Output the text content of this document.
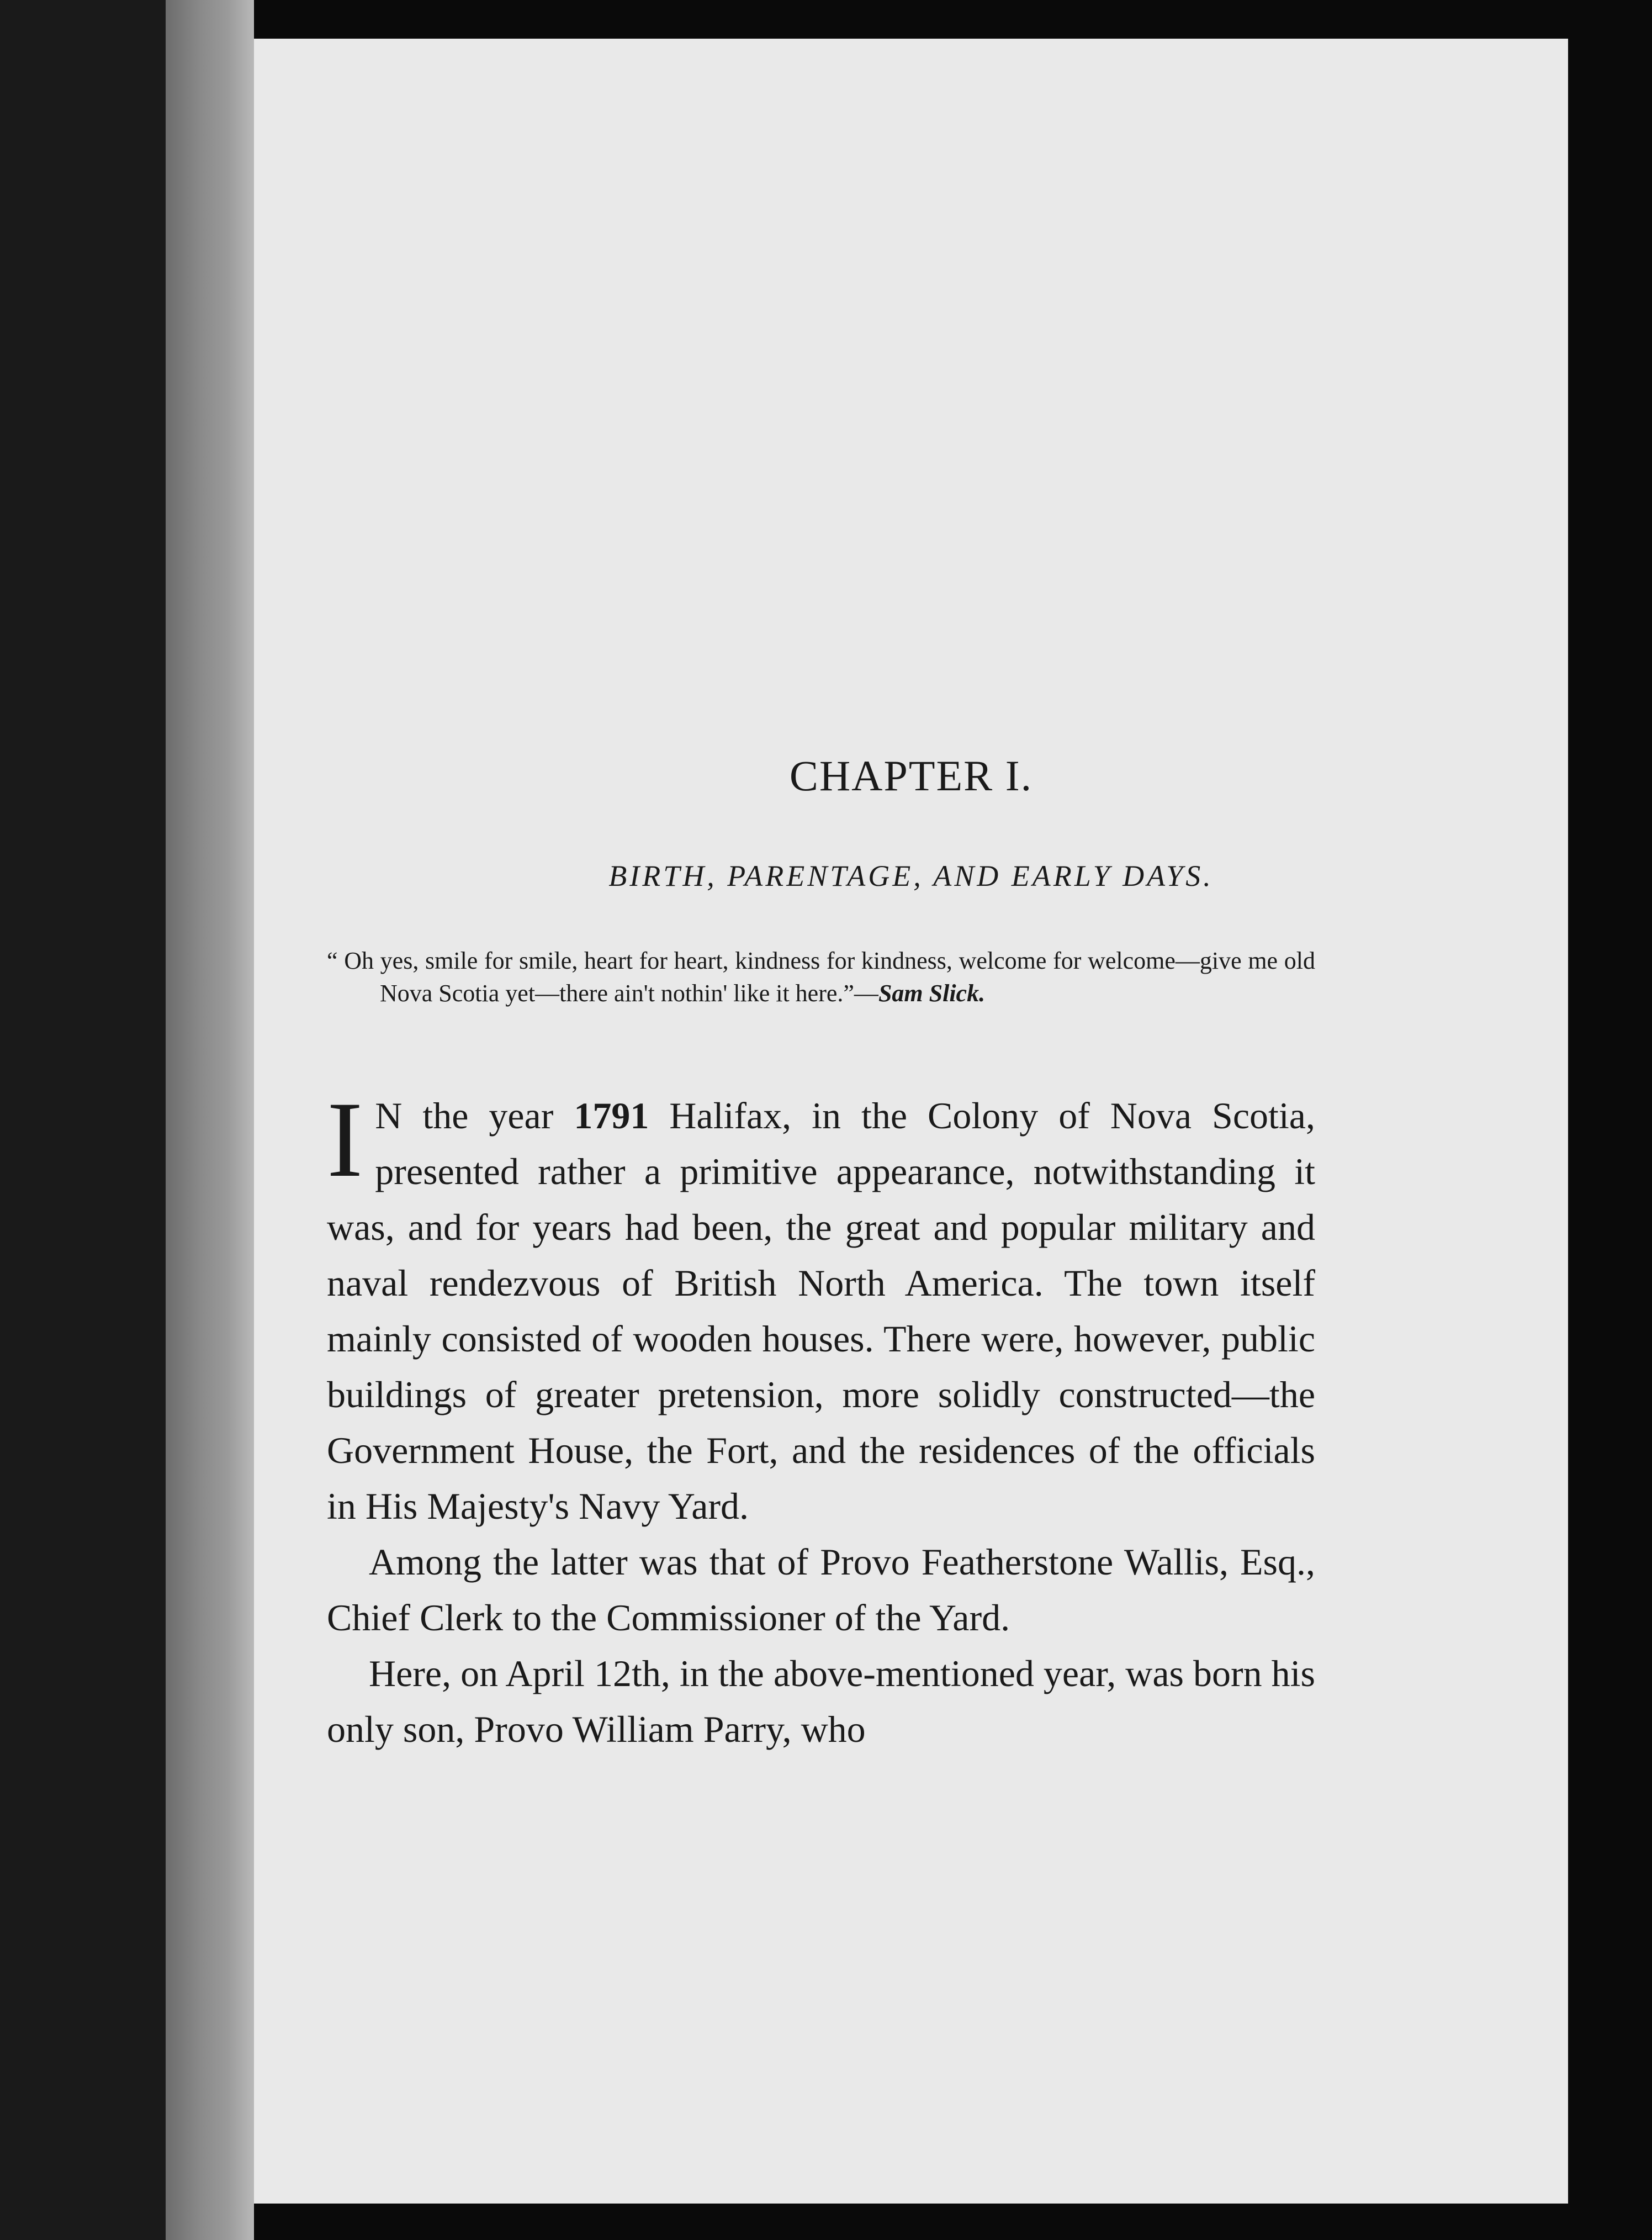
CHAPTER I.
BIRTH, PARENTAGE, AND EARLY DAYS.
“ Oh yes, smile for smile, heart for heart, kindness for kindness, welcome for welcome—give me old Nova Scotia yet—there ain't nothin' like it here.”—Sam Slick.

I N the year 1791 Halifax, in the Colony of Nova Scotia, presented rather a primitive appearance, notwithstanding it was, and for years had been, the great and popular military and naval rendezvous of British North America. The town itself mainly consisted of wooden houses. There were, however, public buildings of greater pretension, more solidly constructed—the Government House, the Fort, and the residences of the officials in His Majesty's Navy Yard.

Among the latter was that of Provo Featherstone Wallis, Esq., Chief Clerk to the Commissioner of the Yard.

Here, on April 12th, in the above-mentioned year, was born his only son, Provo William Parry, who
